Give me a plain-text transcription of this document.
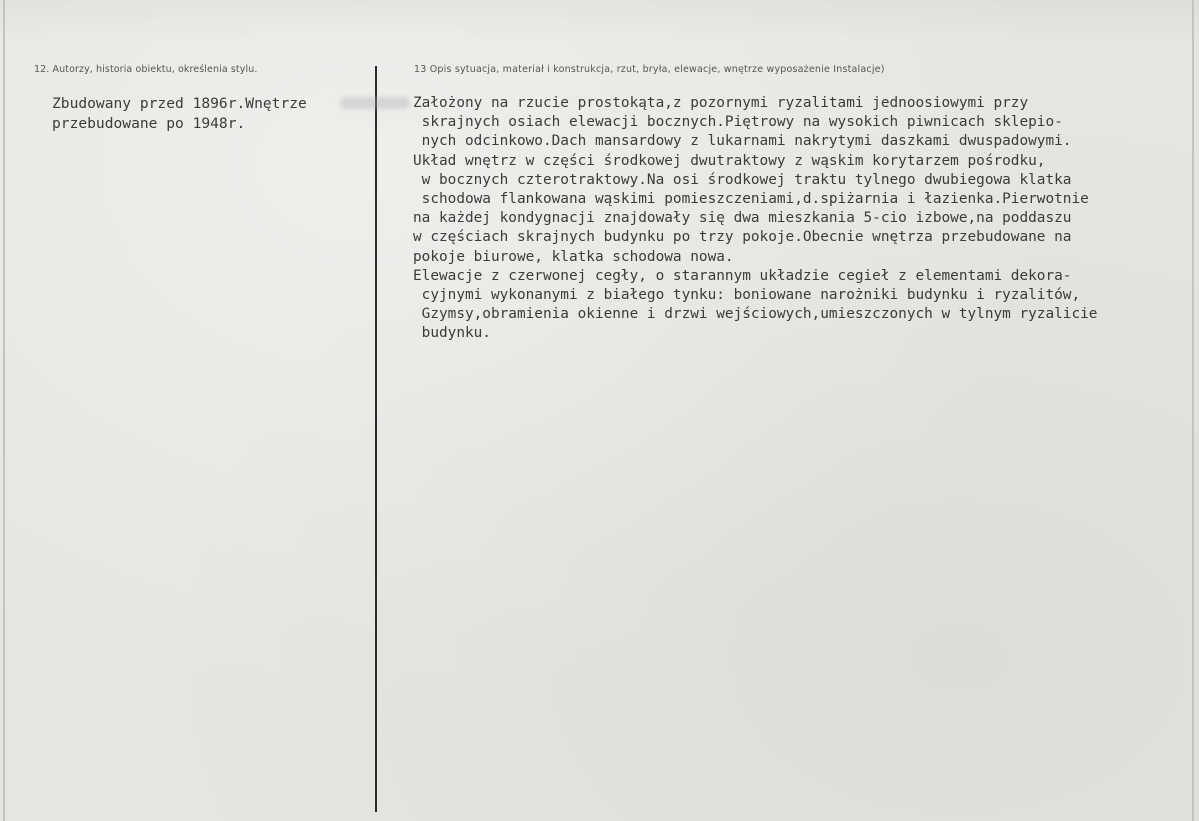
12. Autorzy, historia obiektu, określenia stylu.	13 Opis sytuacja, materiał i konstrukcja, rzut, bryła, elewacje, wnętrze wyposażenie Instalacje)
Zbudowany przed 1896r.Wnętrze
przebudowane po 1948r.
Założony na rzucie prostokąta,z pozornymi ryzalitami jednoosiowymi przy
skrajnych osiach elewacji bocznych.Piętrowy na wysokich piwnicach sklepio-
nych odcinkowo.Dach mansardowy z lukarnami nakrytymi daszkami dwuspadowymi.
Układ wnętrz w części środkowej dwutraktowy z wąskim korytarzem pośrodku,
w bocznych czterotraktowy.Na osi środkowej traktu tylnego dwubiegowa klatka
schodowa flankowana wąskimi pomieszczeniami,d.spiżarnia i łazienka.Pierwotnie
na każdej kondygnacji znajdowały się dwa mieszkania 5-cio izbowe,na poddaszu
w częściach skrajnych budynku po trzy pokoje.Obecnie wnętrza przebudowane na
pokoje biurowe, klatka schodowa nowa.
Elewacje z czerwonej cegły, o starannym układzie cegieł z elementami dekora-
cyjnymi wykonanymi z białego tynku: boniowane narożniki budynku i ryzalitów,
Gzymsy,obramienia okienne i drzwi wejściowych,umieszczonych w tylnym ryzalicie
budynku.
